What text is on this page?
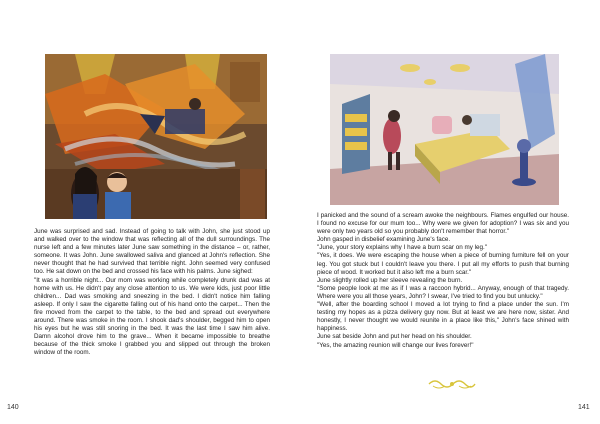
June was surprised and sad. Instead of going to talk with John, she just stood up and walked over to the window that was reflecting all of the dull surroundings. The nurse left and a few minutes later June saw something in the distance – or, rather, someone. It was John. June swallowed saliva and glanced at John's reflection. She never thought that he had survived that terrible night. John seemed very confused too. He sat down on the bed and crossed his face with his palms. June sighed:

"It was a horrible night... Our mom was working while completely drunk dad was at home with us. He didn't pay any close attention to us. We were kids, just poor little children... Dad was smoking and sneezing in the bed. I didn't notice him falling asleep. If only I saw the cigarette falling out of his hand onto the carpet... Then the fire moved from the carpet to the table, to the bed and spread out everywhere around. There was smoke in the room. I shook dad's shoulder, begged him to open his eyes but he was still snoring in the bed. It was the last time I saw him alive. Damn alcohol drove him to the grave... When it became impossible to breathe because of the thick smoke I grabbed you and slipped out through the broken window of the room.

140

I panicked and the sound of a scream awoke the neighbours. Flames engulfed our house. I found no excuse for our mum too... Why were we given for adoption? I was six and you were only two years old so you probably don't remember that horror."

John gasped in disbelief examining June's face.

"June, your story explains why I have a burn scar on my leg."

"Yes, it does. We were escaping the house when a piece of burning furniture fell on your leg. You got stuck but I couldn't leave you there. I put all my efforts to push that burning piece of wood. It worked but it also left me a burn scar."

June slightly rolled up her sleeve revealing the burn.

"Some people look at me as if I was a raccoon hybrid... Anyway, enough of that tragedy. Where were you all those years, John? I swear, I've tried to find you but unlucky."

"Well, after the boarding school I moved a lot trying to find a place under the sun. I'm testing my hopes as a pizza delivery guy now. But at least we are here now, sister. And honestly, I never thought we would reunite in a place like this," John's face shined with happiness.

June sat beside John and put her head on his shoulder.

"Yes, the amazing reunion will change our lives forever!"

141
